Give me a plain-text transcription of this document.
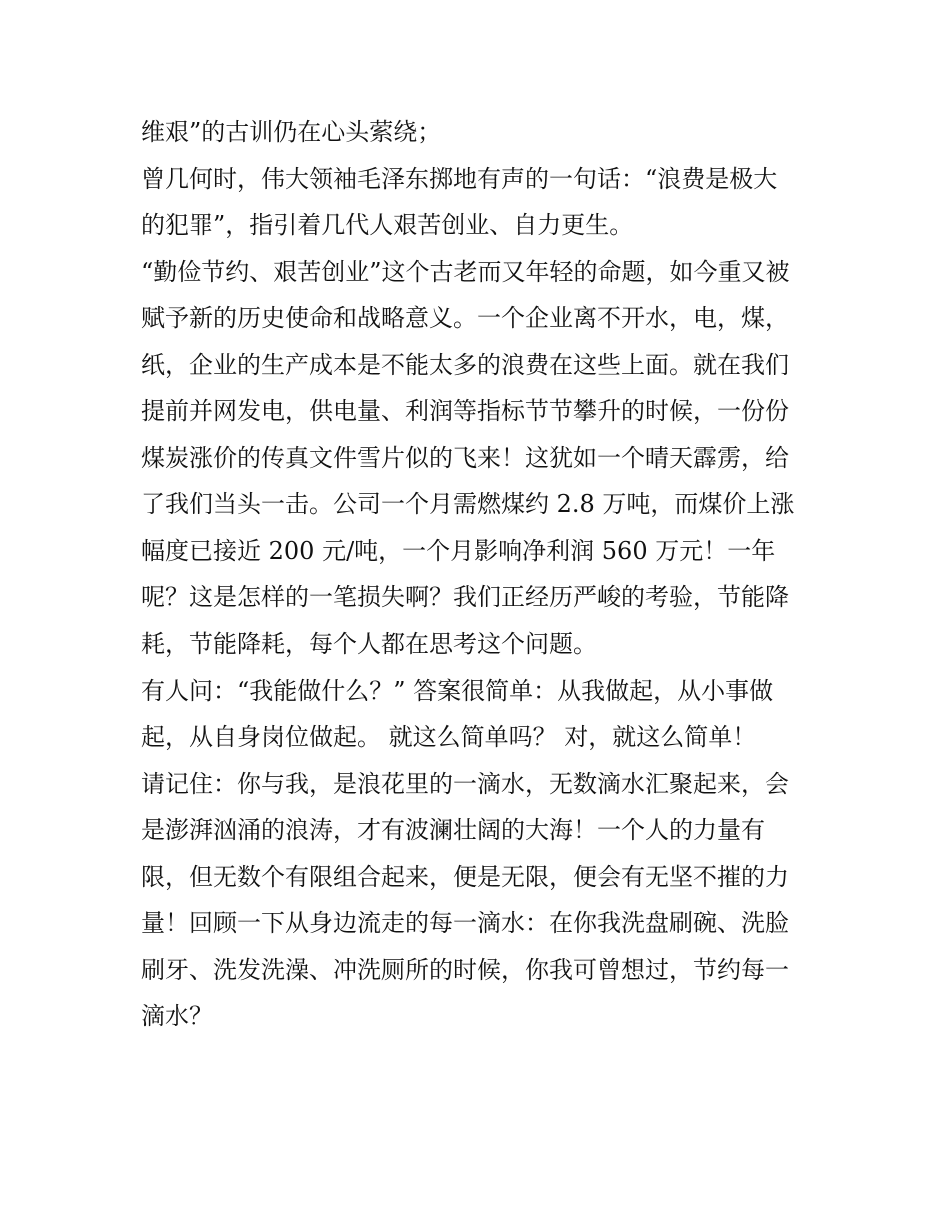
维艰”的古训仍在心头萦绕；
曾几何时，伟大领袖毛泽东掷地有声的一句话：“浪费是极大
的犯罪”，指引着几代人艰苦创业、自力更生。
“勤俭节约、艰苦创业”这个古老而又年轻的命题，如今重又被
赋予新的历史使命和战略意义。一个企业离不开水，电，煤，
纸，企业的生产成本是不能太多的浪费在这些上面。就在我们
提前并网发电，供电量、利润等指标节节攀升的时候，一份份
煤炭涨价的传真文件雪片似的飞来！这犹如一个晴天霹雳，给
了我们当头一击。公司一个月需燃煤约 2.8 万吨，而煤价上涨
幅度已接近 200 元/吨，一个月影响净利润 560 万元！一年
呢？这是怎样的一笔损失啊？我们正经历严峻的考验，节能降
耗，节能降耗，每个人都在思考这个问题。
有人问：“我能做什么？” 答案很简单：从我做起，从小事做
起，从自身岗位做起。 就这么简单吗？ 对，就这么简单！
请记住：你与我，是浪花里的一滴水，无数滴水汇聚起来，会
是澎湃汹涌的浪涛，才有波澜壮阔的大海！一个人的力量有
限，但无数个有限组合起来，便是无限，便会有无坚不摧的力
量！回顾一下从身边流走的每一滴水：在你我洗盘刷碗、洗脸
刷牙、洗发洗澡、冲洗厕所的时候，你我可曾想过，节约每一
滴水？
